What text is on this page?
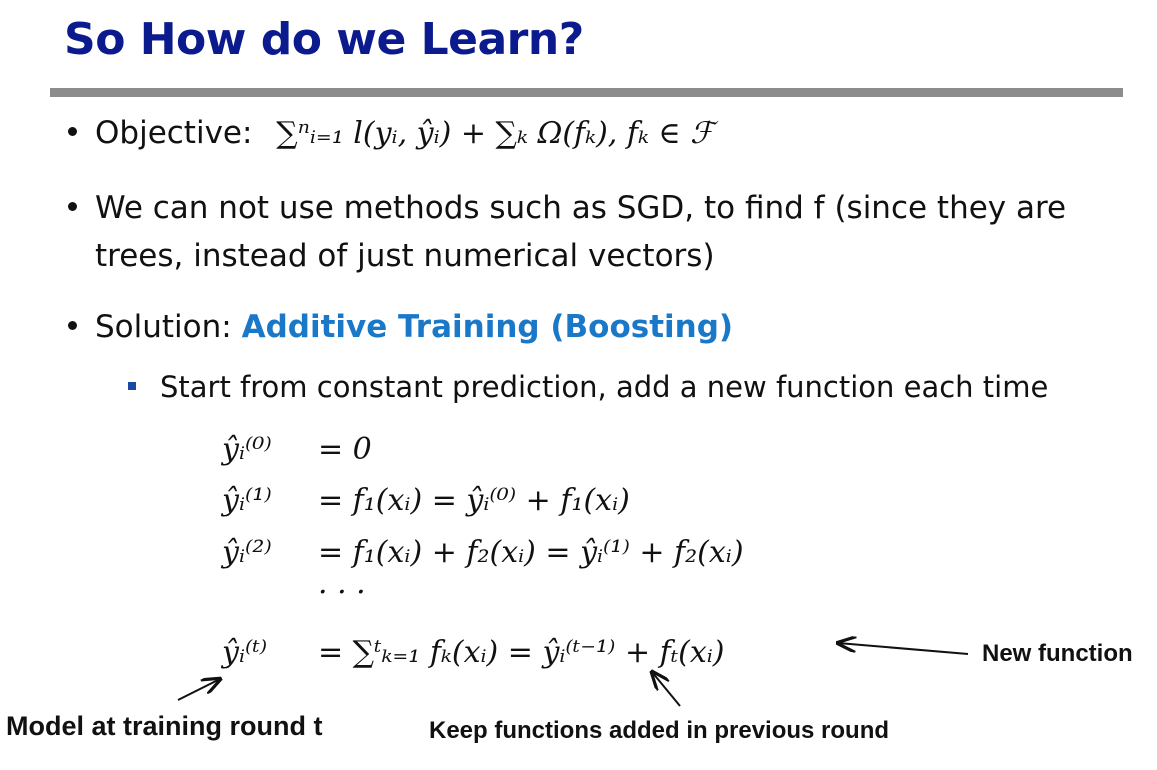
So How do we Learn?
Objective: ∑ⁿᵢ₌₁ l(yᵢ, ŷᵢ) + ∑ₖ Ω(fₖ), fₖ ∈ ℱ
We can not use methods such as SGD, to find f (since they are
trees, instead of just numerical vectors)
Solution: Additive Training (Boosting)
Start from constant prediction, add a new function each time
ŷᵢ⁽⁰⁾ = 0
ŷᵢ⁽¹⁾ = f₁(xᵢ) = ŷᵢ⁽⁰⁾ + f₁(xᵢ)
ŷᵢ⁽²⁾ = f₁(xᵢ) + f₂(xᵢ) = ŷᵢ⁽¹⁾ + f₂(xᵢ)
· · ·
ŷᵢ⁽ᵗ⁾ = ∑ᵗₖ₌₁ fₖ(xᵢ) = ŷᵢ⁽ᵗ⁻¹⁾ + fₜ(xᵢ)	New function
Model at training round t	Keep functions added in previous round
